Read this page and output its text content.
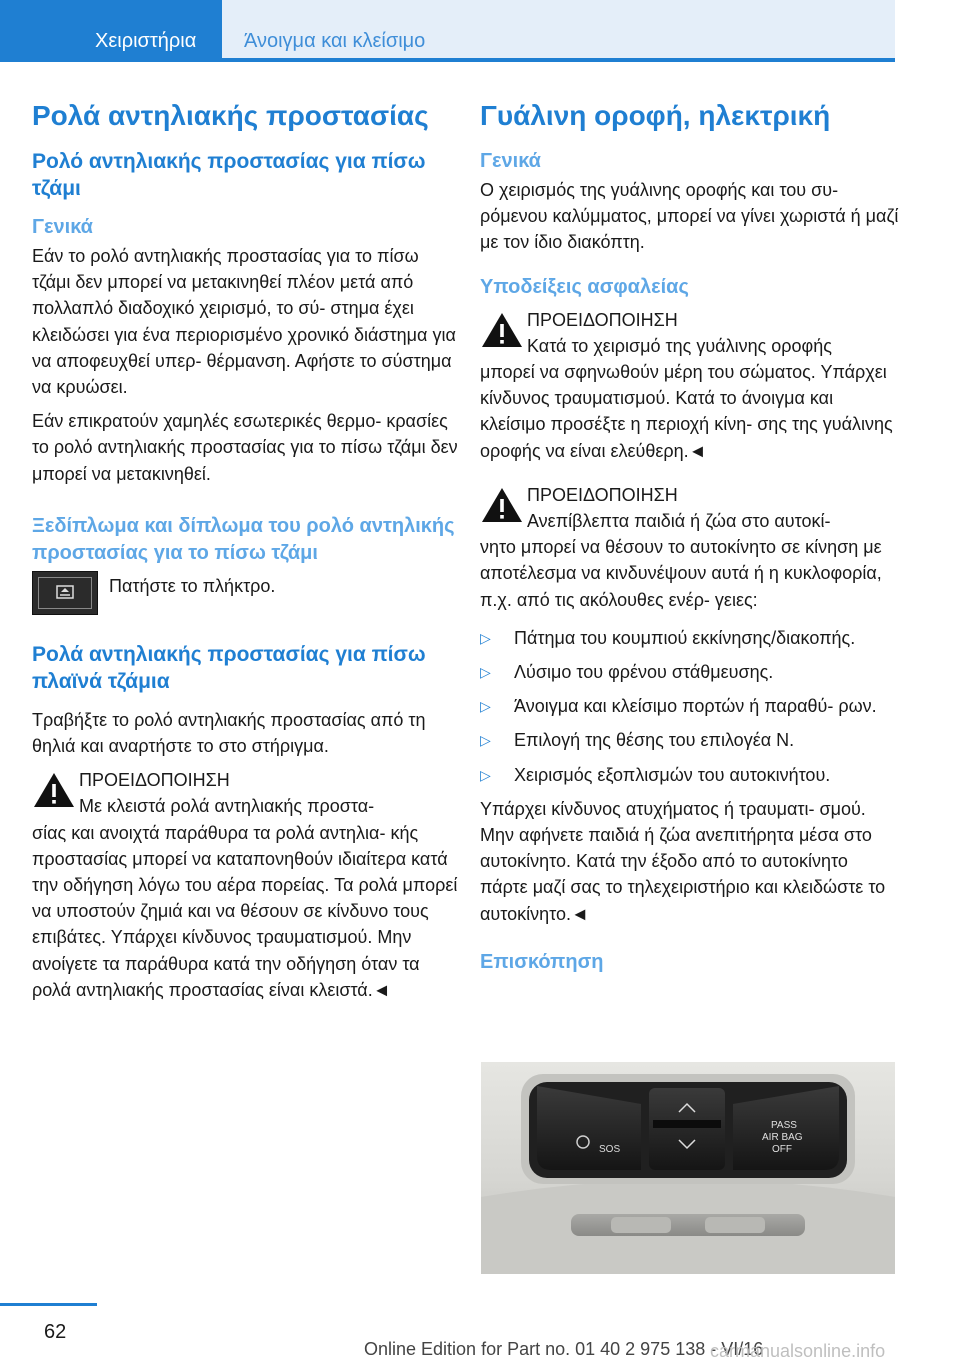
Χειριστήρια Άνοιγμα και κλείσιμο
Ρολά αντηλιακής προστασίας
Ρολό αντηλιακής προστασίας για πίσω τζάμι
Γενικά
Εάν το ρολό αντηλιακής προστασίας για το πίσω τζάμι δεν μπορεί να μετακινηθεί πλέον μετά από πολλαπλό διαδοχικό χειρισμό, το σύ- στημα έχει κλειδώσει για ένα περιορισμένο χρονικό διάστημα για να αποφευχθεί υπερ- θέρμανση. Αφήστε το σύστημα να κρυώσει.
Εάν επικρατούν χαμηλές εσωτερικές θερμο- κρασίες το ρολό αντηλιακής προστασίας για το πίσω τζάμι δεν μπορεί να μετακινηθεί.
Ξεδίπλωμα και δίπλωμα του ρολό αντηλικής προστασίας για το πίσω τζάμι
Πατήστε το πλήκτρο.
Ρολά αντηλιακής προστασίας για πίσω πλαϊνά τζάμια
Τραβήξτε το ρολό αντηλιακής προστασίας από τη θηλιά και αναρτήστε το στο στήριγμα.
ΠΡΟΕΙΔΟΠΟΙΗΣΗ
Με κλειστά ρολά αντηλιακής προστα-
σίας και ανοιχτά παράθυρα τα ρολά αντηλια- κής προστασίας μπορεί να καταπονηθούν ιδιαίτερα κατά την οδήγηση λόγω του αέρα πορείας. Τα ρολά μπορεί να υποστούν ζημιά και να θέσουν σε κίνδυνο τους επιβάτες. Υπάρχει κίνδυνος τραυματισμού. Μην ανοίγετε τα παράθυρα κατά την οδήγηση όταν τα ρολά αντηλιακής προστασίας είναι κλειστά.◄
Γυάλινη οροφή, ηλεκτρική
Γενικά
Ο χειρισμός της γυάλινης οροφής και του συ- ρόμενου καλύμματος, μπορεί να γίνει χωριστά ή μαζί με τον ίδιο διακόπτη.
Υποδείξεις ασφαλείας
ΠΡΟΕΙΔΟΠΟΙΗΣΗ
Κατά το χειρισμό της γυάλινης οροφής
μπορεί να σφηνωθούν μέρη του σώματος. Υπάρχει κίνδυνος τραυματισμού. Κατά το άνοιγμα και κλείσιμο προσέξτε η περιοχή κίνη- σης της γυάλινης οροφής να είναι ελεύθερη.◄
ΠΡΟΕΙΔΟΠΟΙΗΣΗ
Ανεπίβλεπτα παιδιά ή ζώα στο αυτοκί-
νητο μπορεί να θέσουν το αυτοκίνητο σε κίνηση με αποτέλεσμα να κινδυνέψουν αυτά ή η κυκλοφορία, π.χ. από τις ακόλουθες ενέρ- γειες:
▷ Πάτημα του κουμπιού εκκίνησης/διακοπής.
▷ Λύσιμο του φρένου στάθμευσης.
▷ Άνοιγμα και κλείσιμο πορτών ή παραθύ- ρων.
▷ Επιλογή της θέσης του επιλογέα N.
▷ Χειρισμός εξοπλισμών του αυτοκινήτου.
Υπάρχει κίνδυνος ατυχήματος ή τραυματι- σμού. Μην αφήνετε παιδιά ή ζώα ανεπιτήρητα μέσα στο αυτοκίνητο. Κατά την έξοδο από το αυτοκίνητο πάρτε μαζί σας το τηλεχειριστήριο και κλειδώστε το αυτοκίνητο.◄
Επισκόπηση
SOS
PASS
AIR BAG
OFF
62
Online Edition for Part no. 01 40 2 975 138 - VI/16
carmanualsonline.info
